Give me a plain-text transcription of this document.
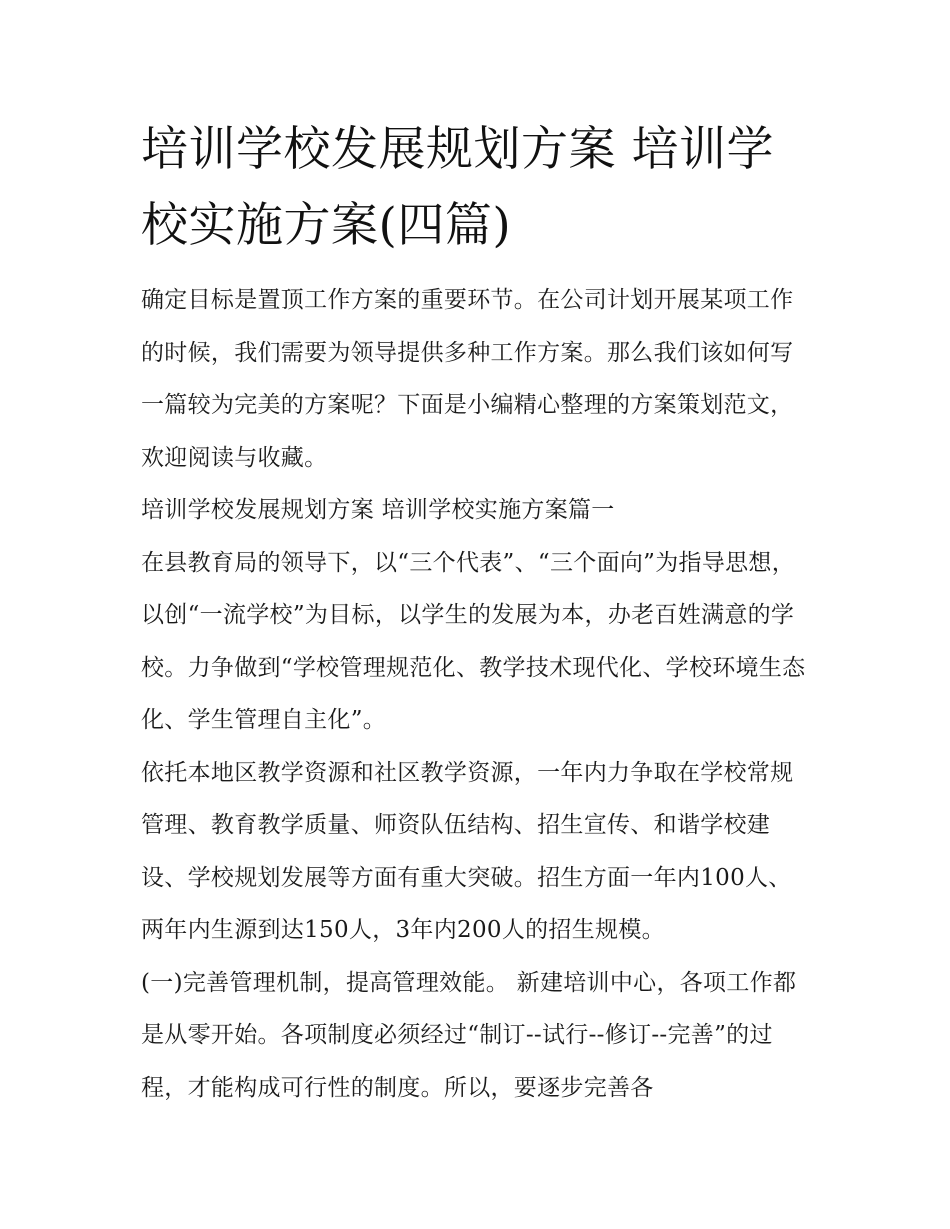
培训学校发展规划方案 培训学校实施方案(四篇)

确定目标是置顶工作方案的重要环节。在公司计划开展某项工作的时候，我们需要为领导提供多种工作方案。那么我们该如何写一篇较为完美的方案呢？下面是小编精心整理的方案策划范文，欢迎阅读与收藏。

培训学校发展规划方案 培训学校实施方案篇一

在县教育局的领导下，以“三个代表”、“三个面向”为指导思想，以创“一流学校”为目标，以学生的发展为本，办老百姓满意的学校。力争做到“学校管理规范化、教学技术现代化、学校环境生态化、学生管理自主化”。

依托本地区教学资源和社区教学资源，一年内力争取在学校常规管理、教育教学质量、师资队伍结构、招生宣传、和谐学校建设、学校规划发展等方面有重大突破。招生方面一年内100人、两年内生源到达150人，3年内200人的招生规模。

(一)完善管理机制，提高管理效能。 新建培训中心，各项工作都是从零开始。各项制度必须经过“制订--试行--修订--完善”的过程，才能构成可行性的制度。所以，要逐步完善各
